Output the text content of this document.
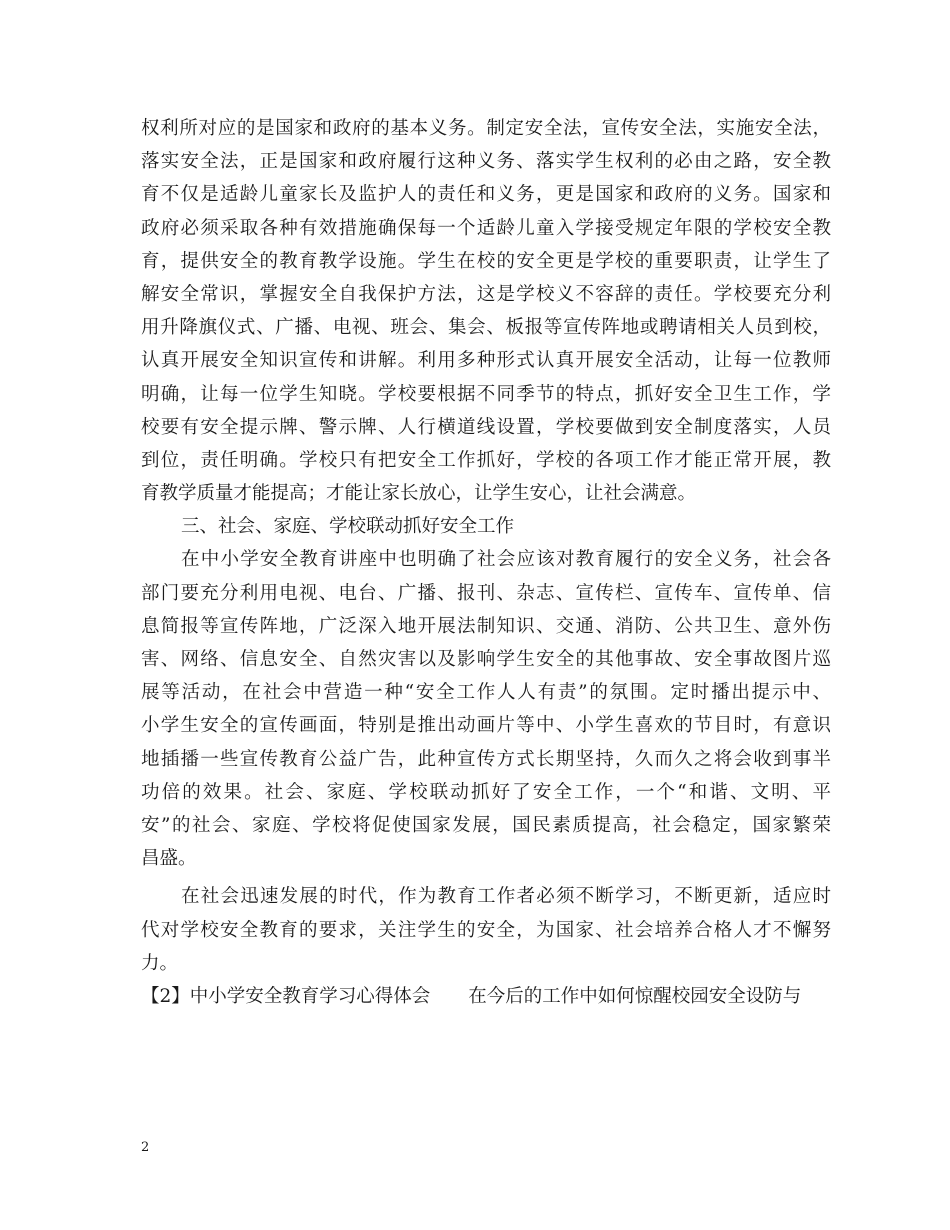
权利所对应的是国家和政府的基本义务。制定安全法，宣传安全法，实施安全法，
落实安全法，正是国家和政府履行这种义务、落实学生权利的必由之路，安全教
育不仅是适龄儿童家长及监护人的责任和义务，更是国家和政府的义务。国家和
政府必须采取各种有效措施确保每一个适龄儿童入学接受规定年限的学校安全教
育，提供安全的教育教学设施。学生在校的安全更是学校的重要职责，让学生了
解安全常识，掌握安全自我保护方法，这是学校义不容辞的责任。学校要充分利
用升降旗仪式、广播、电视、班会、集会、板报等宣传阵地或聘请相关人员到校，
认真开展安全知识宣传和讲解。利用多种形式认真开展安全活动，让每一位教师
明确，让每一位学生知晓。学校要根据不同季节的特点，抓好安全卫生工作，学
校要有安全提示牌、警示牌、人行横道线设置，学校要做到安全制度落实，人员
到位，责任明确。学校只有把安全工作抓好，学校的各项工作才能正常开展，教
育教学质量才能提高；才能让家长放心，让学生安心，让社会满意。
三、社会、家庭、学校联动抓好安全工作
在中小学安全教育讲座中也明确了社会应该对教育履行的安全义务，社会各
部门要充分利用电视、电台、广播、报刊、杂志、宣传栏、宣传车、宣传单、信
息简报等宣传阵地，广泛深入地开展法制知识、交通、消防、公共卫生、意外伤
害、网络、信息安全、自然灾害以及影响学生安全的其他事故、安全事故图片巡
展等活动，在社会中营造一种“安全工作人人有责”的氛围。定时播出提示中、
小学生安全的宣传画面，特别是推出动画片等中、小学生喜欢的节目时，有意识
地插播一些宣传教育公益广告，此种宣传方式长期坚持，久而久之将会收到事半
功倍的效果。社会、家庭、学校联动抓好了安全工作，一个“和谐、文明、平
安”的社会、家庭、学校将促使国家发展，国民素质提高，社会稳定，国家繁荣
昌盛。
在社会迅速发展的时代，作为教育工作者必须不断学习，不断更新，适应时
代对学校安全教育的要求，关注学生的安全，为国家、社会培养合格人才不懈努
力。
【2】中小学安全教育学习心得体会 在今后的工作中如何惊醒校园安全设防与
2
